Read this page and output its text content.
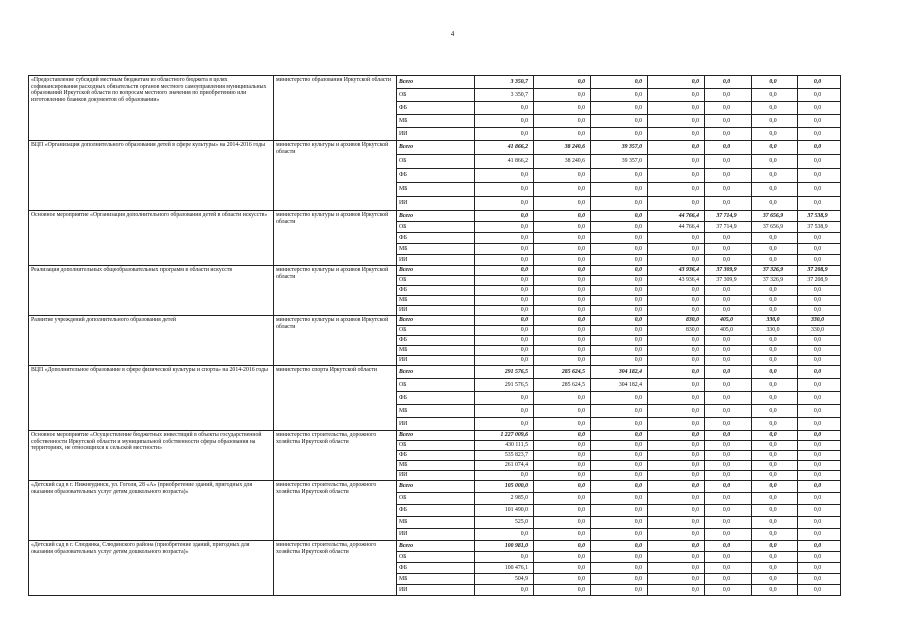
4
«Предоставление субсидий местным бюджетам из областного бюджета в целях софинансирования расходных обязательств органов местного самоуправления муниципальных образований Иркутской области по вопросам местного значения по приобретению или изготовлению бланков документов об образовании»	министерство образования Иркутской области	Всего	3 350,7	0,0	0,0	0,0	0,0	0,0	0,0
		ОБ	3 350,7	0,0	0,0	0,0	0,0	0,0	0,0
		ФБ	0,0	0,0	0,0	0,0	0,0	0,0	0,0
		МБ	0,0	0,0	0,0	0,0	0,0	0,0	0,0
		ИИ	0,0	0,0	0,0	0,0	0,0	0,0	0,0
ВЦП «Организация дополнительного образования детей в сфере культуры» на 2014-2016 годы	министерство культуры и архивов Иркутской области	Всего	41 866,2	38 240,6	39 357,0	0,0	0,0	0,0	0,0
		ОБ	41 866,2	38 240,6	39 357,0	0,0	0,0	0,0	0,0
		ФБ	0,0	0,0	0,0	0,0	0,0	0,0	0,0
		МБ	0,0	0,0	0,0	0,0	0,0	0,0	0,0
		ИИ	0,0	0,0	0,0	0,0	0,0	0,0	0,0
Основное мероприятие «Организация дополнительного образования детей в области искусств»	министерство культуры и архивов Иркутской области	Всего	0,0	0,0	0,0	44 766,4	37 714,9	37 656,9	37 538,9
		ОБ	0,0	0,0	0,0	44 766,4	37 714,9	37 656,9	37 538,9
		ФБ	0,0	0,0	0,0	0,0	0,0	0,0	0,0
		МБ	0,0	0,0	0,0	0,0	0,0	0,0	0,0
		ИИ	0,0	0,0	0,0	0,0	0,0	0,0	0,0
Реализация дополнительных общеобразовательных программ в области искусств	министерство культуры и архивов Иркутской области	Всего	0,0	0,0	0,0	43 936,4	37 309,9	37 326,9	37 208,9
		ОБ	0,0	0,0	0,0	43 936,4	37 309,9	37 326,9	37 208,9
		ФБ	0,0	0,0	0,0	0,0	0,0	0,0	0,0
		МБ	0,0	0,0	0,0	0,0	0,0	0,0	0,0
		ИИ	0,0	0,0	0,0	0,0	0,0	0,0	0,0
Развитие учреждений дополнительного образования детей	министерство культуры и архивов Иркутской области	Всего	0,0	0,0	0,0	830,0	405,0	330,0	330,0
		ОБ	0,0	0,0	0,0	830,0	405,0	330,0	330,0
		ФБ	0,0	0,0	0,0	0,0	0,0	0,0	0,0
		МБ	0,0	0,0	0,0	0,0	0,0	0,0	0,0
		ИИ	0,0	0,0	0,0	0,0	0,0	0,0	0,0
ВЦП «Дополнительное образование в сфере физической культуры и спорта» на 2014-2016 годы	министерство спорта Иркутской области	Всего	291 576,5	285 624,5	304 182,4	0,0	0,0	0,0	0,0
		ОБ	291 576,5	285 624,5	304 182,4	0,0	0,0	0,0	0,0
		ФБ	0,0	0,0	0,0	0,0	0,0	0,0	0,0
		МБ	0,0	0,0	0,0	0,0	0,0	0,0	0,0
		ИИ	0,0	0,0	0,0	0,0	0,0	0,0	0,0
Основное мероприятие «Осуществление бюджетных инвестиций в объекты государственной собственности Иркутской области и муниципальной собственности сферы образования на территориях, не относящихся к сельской местности»	министерство строительства, дорожного хозяйства Иркутской области	Всего	1 227 009,6	0,0	0,0	0,0	0,0	0,0	0,0
		ОБ	430 111,5	0,0	0,0	0,0	0,0	0,0	0,0
		ФБ	535 823,7	0,0	0,0	0,0	0,0	0,0	0,0
		МБ	261 074,4	0,0	0,0	0,0	0,0	0,0	0,0
		ИИ	0,0	0,0	0,0	0,0	0,0	0,0	0,0
«Детский сад в г. Нижнеудинск, ул. Гоголя, 28 «А» (приобретение зданий, пригодных для оказания образовательных услуг детям дошкольного возраста)»	министерство строительства, дорожного хозяйства Иркутской области	Всего	105 000,0	0,0	0,0	0,0	0,0	0,0	0,0
		ОБ	2 985,0	0,0	0,0	0,0	0,0	0,0	0,0
		ФБ	101 490,0	0,0	0,0	0,0	0,0	0,0	0,0
		МБ	525,0	0,0	0,0	0,0	0,0	0,0	0,0
		ИИ	0,0	0,0	0,0	0,0	0,0	0,0	0,0
«Детский сад в г. Слюдянка, Слюдянского района (приобретение зданий, пригодных для оказания образовательных услуг детям дошкольного возраста)»	министерство строительства, дорожного хозяйства Иркутской области	Всего	100 981,0	0,0	0,0	0,0	0,0	0,0	0,0
		ОБ	0,0	0,0	0,0	0,0	0,0	0,0	0,0
		ФБ	100 476,1	0,0	0,0	0,0	0,0	0,0	0,0
		МБ	504,9	0,0	0,0	0,0	0,0	0,0	0,0
		ИИ	0,0	0,0	0,0	0,0	0,0	0,0	0,0
